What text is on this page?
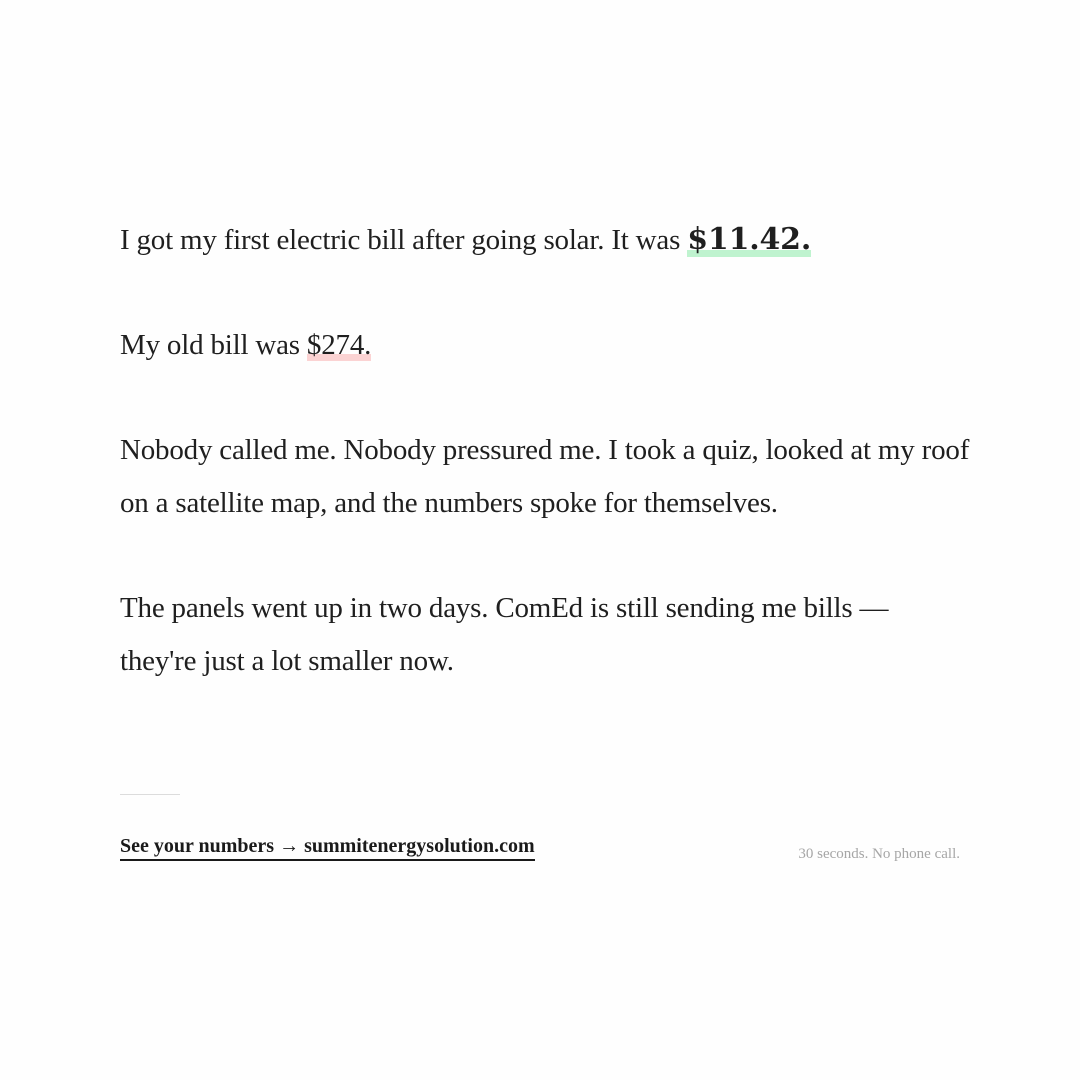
I got my first electric bill after going solar. It was $11.42.

My old bill was $274.

Nobody called me. Nobody pressured me. I took a quiz, looked at my roof on a satellite map, and the numbers spoke for themselves.

The panels went up in two days. ComEd is still sending me bills — they're just a lot smaller now.

See your numbers → summitenergysolution.com	30 seconds. No phone call.
